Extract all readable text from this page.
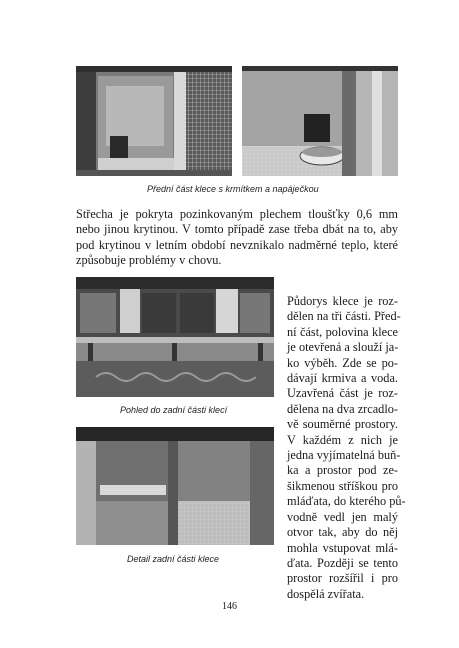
Přední část klece s krmítkem a napáječkou

Střecha je pokryta pozinkovaným plechem tloušťky 0,6 mm
nebo jinou krytinou. V tomto případě zase třeba dbát na to, aby
pod krytinou v letním období nevznikalo nadměrné teplo, které
způsobuje problémy v chovu.

Pohled do zadní části klecí
Detail zadní části klece

Půdorys klece je roz-
dělen na tři části. Před-
ní část, polovina klece
je otevřená a slouží ja-
ko výběh. Zde se po-
dávají krmiva a voda.
Uzavřená část je roz-
dělena na dva zrcadlo-
vě souměrné prostory.
V každém z nich je
jedna vyjímatelná buň-
ka a prostor pod ze-
šikmenou stříškou pro
mláďata, do kterého pů-
vodně vedl jen malý
otvor tak, aby do něj
mohla vstupovat mlá-
ďata. Později se tento
prostor rozšířil i pro
dospělá zvířata.

146
